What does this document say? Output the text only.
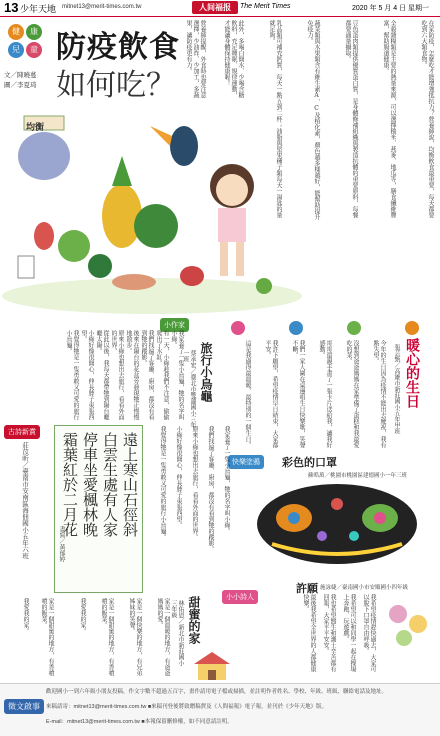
13 少年天地 mitnet13@merit-times.com.tw	人间福报	The Merit Times	2020 年 5 月 4 日 星期一
健	康
兒	童 防疫飲食
如何吃？
文／陳曉蔓
圖／李夏琦	在家防疫，怎麼吃才能增強抵抗力？營養師說，均衡飲食最重要，每天都要吃到六大類食物。
全穀雜糧類是主要的熱量來源，可以選擇糙米、燕麥、地瓜等，膳食纖維豐富，幫助腸道健康。
豆魚蛋肉類提供優質蛋白質，是身體修補組織與製造抗體的重要原料，每餐都要適量攝取。
蔬菜類與水果類含有維生素A、C及植化素，顏色越多樣越好，能幫助提升免疫力。
乳品類可補充鈣質，每天一點五到二杯；油脂與堅果種子類每天一湯匙的量就足夠。
此外，多喝白開水、少喝含糖飲料，充足睡眠、規律運動，才能讓身體保持健康喔！
營養師提醒，外食時也要注意選擇，少油炸、少加工，多蔬果，讓防疫更有力。
均衡
暖心的生日
張芸甄／高雄市新莊國小五年甲班
今年的生日因為疫情不能出去慶祝，我有點失望。
沒想到爸爸媽媽在家準備了蛋糕和我最愛吃的菜。
哥哥還親手畫了一張卡片送給我，讓我好感動。
我們一家人圍在桌邊唱生日快樂歌，笑聲不斷。
我許下願望，希望疫情早日結束，大家都平安。
這是我過得最溫暖、最特別的一個生日。
快樂塗鴉	彩色的口罩
蘇晧萬／桃園市桃園區建德國小一年三班
許願 施詠婕／臺南國小市安順國小四年級
我希望疫情趕快過去，大家可以脫下口罩自由呼吸。
我希望可以和同學一起在操場上奔跑、玩遊戲。
我也希望醫生和護士辛苦都有回報，大家平平安安。
最後我希望全世界的人都健康快樂。
小作家
旅行小烏龜
蔡承宏／臺北市雙蓮國小三年一班
我家養了一隻小烏龜，牠的名字叫小綠。
有一天，小綠趁我們不注意，偷偷爬出了水缸。
我們找遍了客廳、廚房，都沒有看到牠的蹤影。
後來在陽台的花盆旁發現牠正慢慢地散步。
原來小綠也想出去旅行，看看外面的世界。
從此以後，我每天都帶牠到陽台曬曬太陽。
小綠好像很開心，伸長脖子東張西望。
我覺得牠是一隻勇敢又可愛的旅行小烏龜。
我家養了一隻小烏龜，牠的名字叫小綠。
我們找遍了客廳、廚房，都沒有看到牠的蹤影。
原來小綠也想出去旅行，看看外面的世界。
小綠好像很開心，伸長脖子東張西望。
我覺得牠是一隻勇敢又可愛的旅行小烏龜。
古詩新賞
莊苡昕／臺南市安南區海佃國小五年六班	遠上寒山石徑斜
白雲生處有人家
停車坐愛楓林晚
霜葉紅於二月花
書寫／黃郁婷
小小詩人
甜蜜的家
林佑恩／新北市新莊國小三年級
家是一個溫暖的地方，有爸爸媽媽的愛。
家是一個快樂的地方，有兄弟姊妹的笑聲。
家是一個甜蜜的地方，有香噴噴的飯菜。
我愛我的家。
家是一個甜蜜的地方，有香噴噴的飯菜。
我愛我的家。
徵文啟事
歡迎國小一到六年級小朋友投稿，作文字數不超過五百字，畫作請用電子檔或掃描，並註明作者姓名、學校、年級、班級、聯絡電話及地址。
來稿請寄：mitnet13@merit-times.com.tw ■來稿刊登後將致贈稿費及《人間福報》電子報，並刊於《少年天地》版。
E-mail：mitnet13@merit-times.com.tw ■本報保留刪修權，如不同意請註明。
